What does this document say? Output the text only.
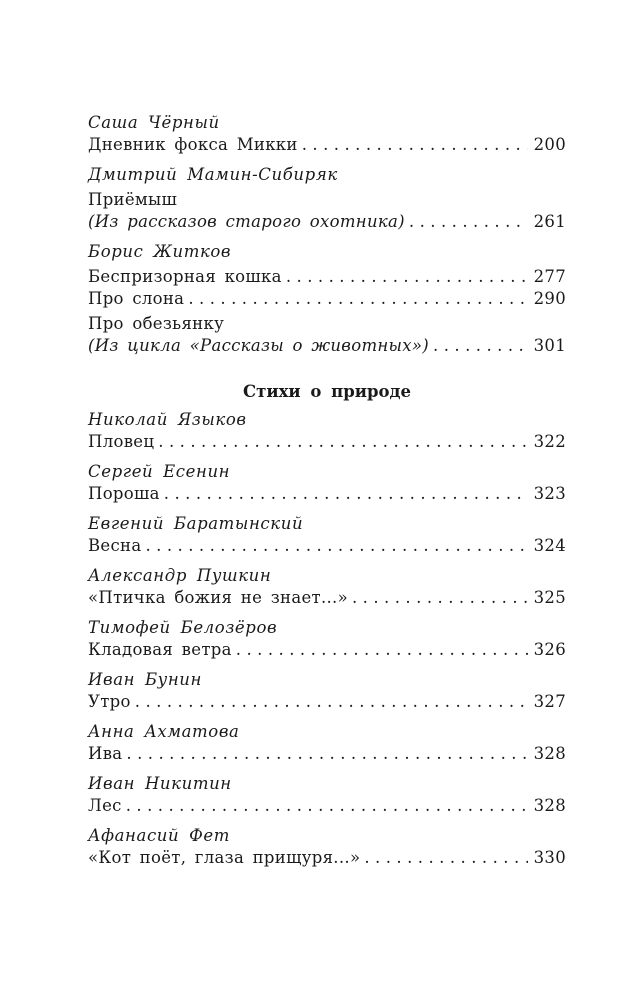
Саша Чёрный
Дневник фокса Микки . . .	200
Дмитрий Мамин-Сибиряк
Приёмыш
(Из рассказов старого охотника) . . .	261
Борис Житков
Беспризорная кошка . . .	277
Про слона . . .	290
Про обезьянку
(Из цикла «Рассказы о животных») . . .	301
Стихи о природе
Николай Языков
Пловец . . .	322
Сергей Есенин
Пороша . . .	323
Евгений Баратынский
Весна . . .	324
Александр Пушкин
«Птичка божия не знает...» . . .	325
Тимофей Белозёров
Кладовая ветра . . .	326
Иван Бунин
Утро . . .	327
Анна Ахматова
Ива . . .	328
Иван Никитин
Лес . . .	328
Афанасий Фет
«Кот поёт, глаза прищуря...» . . .	330
